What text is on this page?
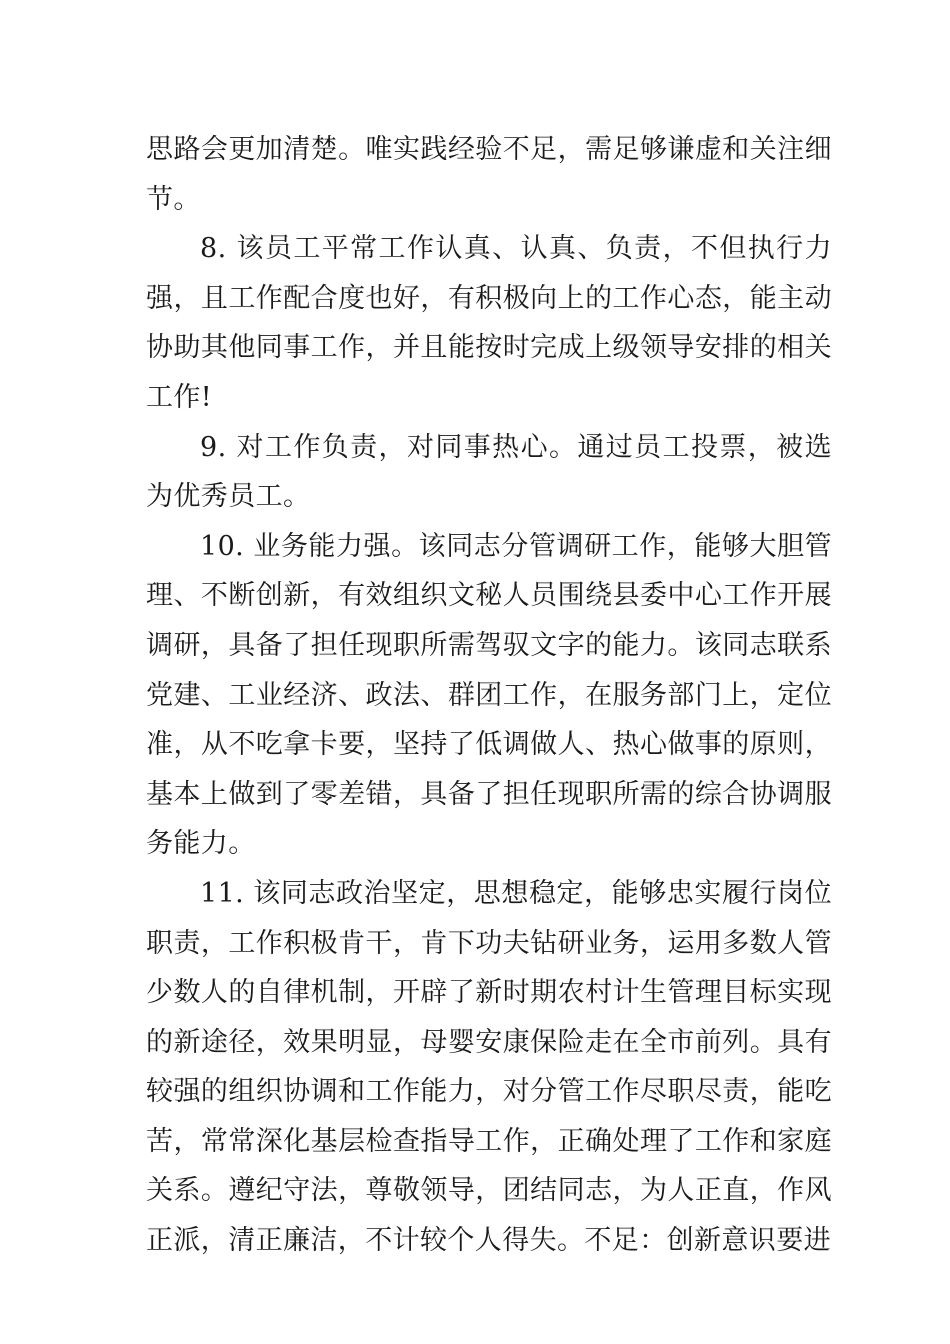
思路会更加清楚。唯实践经验不足，需足够谦虚和关注细节。

8. 该员工平常工作认真、认真、负责，不但执行力强，且工作配合度也好，有积极向上的工作心态，能主动协助其他同事工作，并且能按时完成上级领导安排的相关工作!

9. 对工作负责，对同事热心。通过员工投票，被选为优秀员工。

10. 业务能力强。该同志分管调研工作，能够大胆管理、不断创新，有效组织文秘人员围绕县委中心工作开展调研，具备了担任现职所需驾驭文字的能力。该同志联系党建、工业经济、政法、群团工作，在服务部门上，定位准，从不吃拿卡要，坚持了低调做人、热心做事的原则，基本上做到了零差错，具备了担任现职所需的综合协调服务能力。

11. 该同志政治坚定，思想稳定，能够忠实履行岗位职责，工作积极肯干，肯下功夫钻研业务，运用多数人管少数人的自律机制，开辟了新时期农村计生管理目标实现的新途径，效果明显，母婴安康保险走在全市前列。具有较强的组织协调和工作能力，对分管工作尽职尽责，能吃苦，常常深化基层检查指导工作，正确处理了工作和家庭关系。遵纪守法，尊敬领导，团结同志，为人正直，作风正派，清正廉洁，不计较个人得失。不足：创新意识要进
